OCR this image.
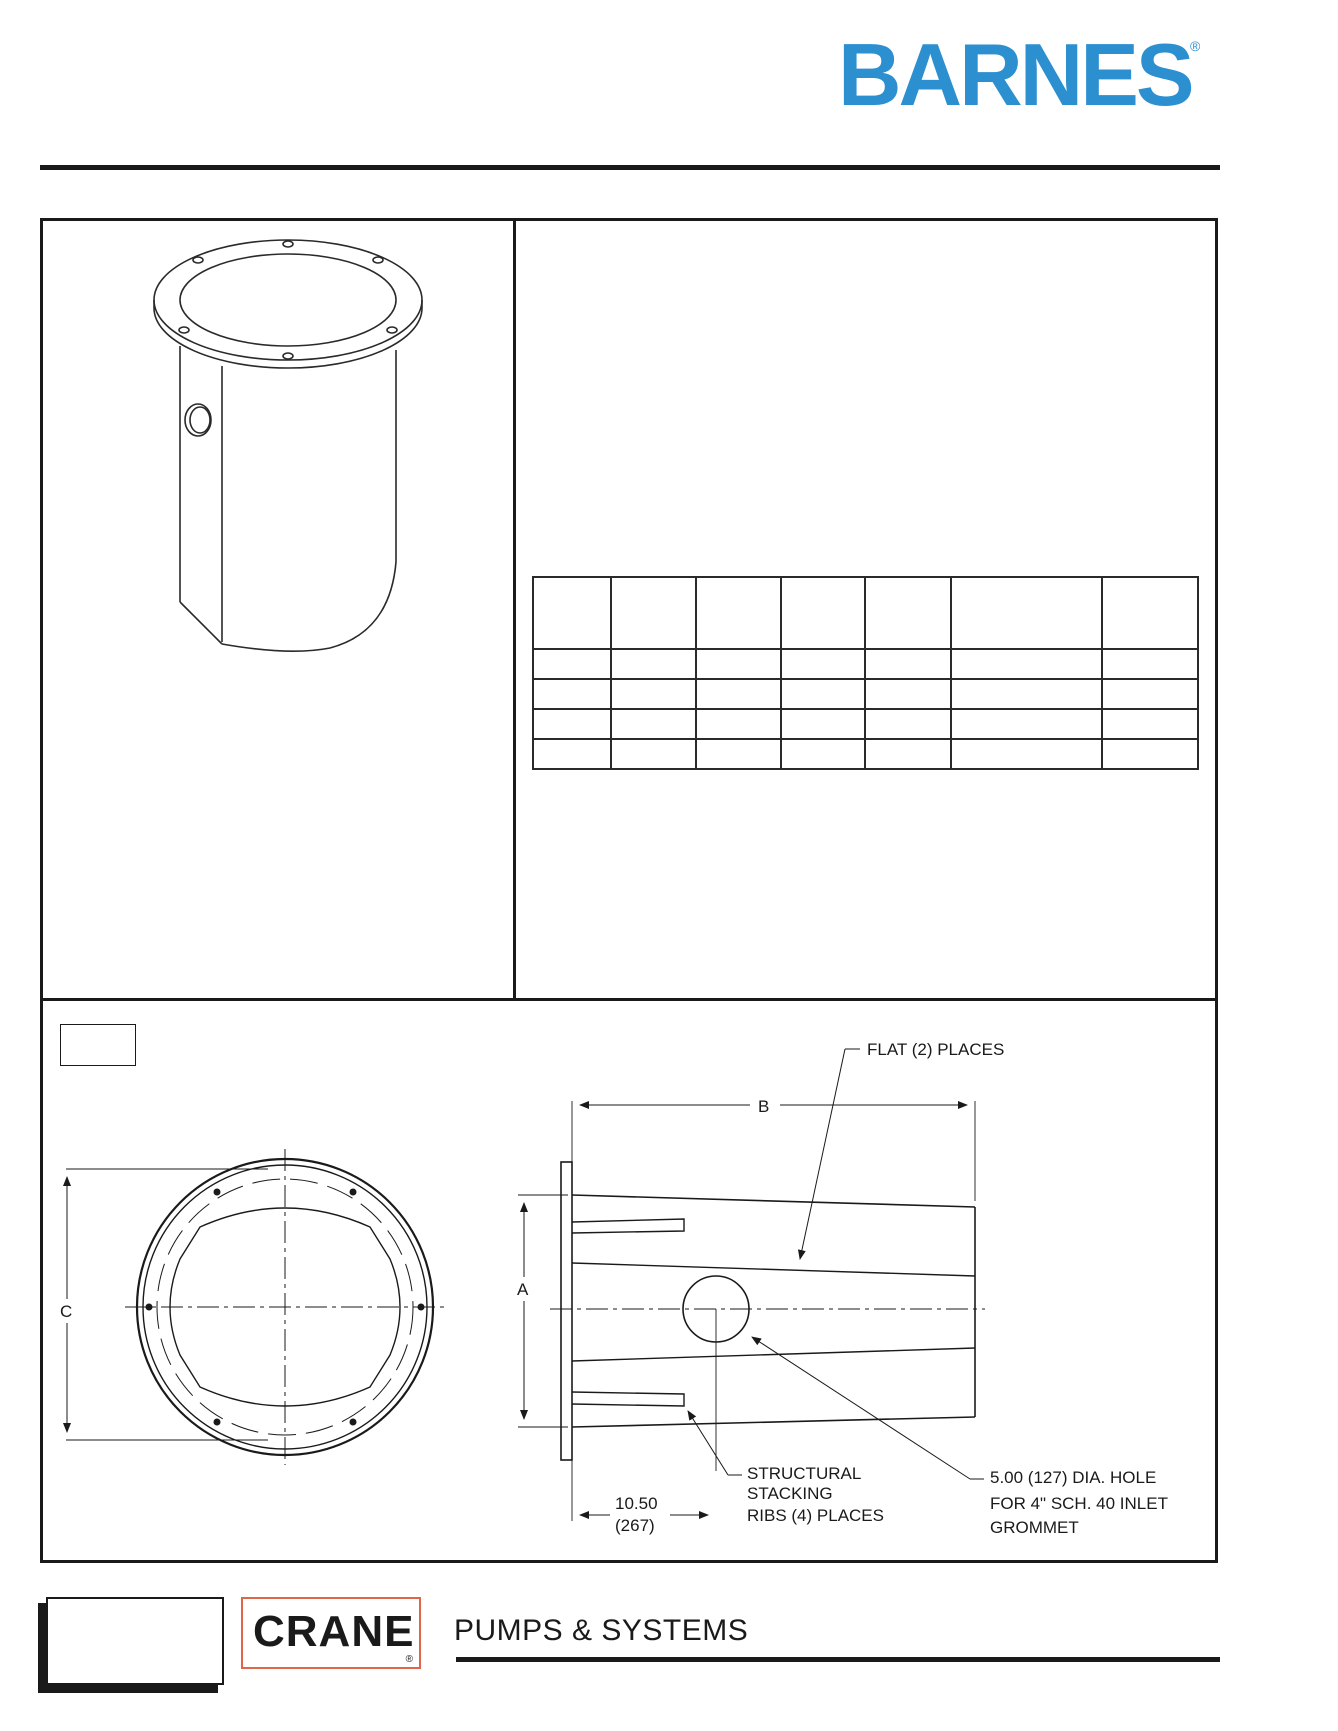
BARNES
®

C
FLAT (2) PLACES
B
A
STRUCTURAL
STACKING
RIBS (4) PLACES
5.00 (127) DIA. HOLE
FOR 4" SCH. 40 INLET
GROMMET
10.50
(267)
CRANE
®
PUMPS & SYSTEMS
